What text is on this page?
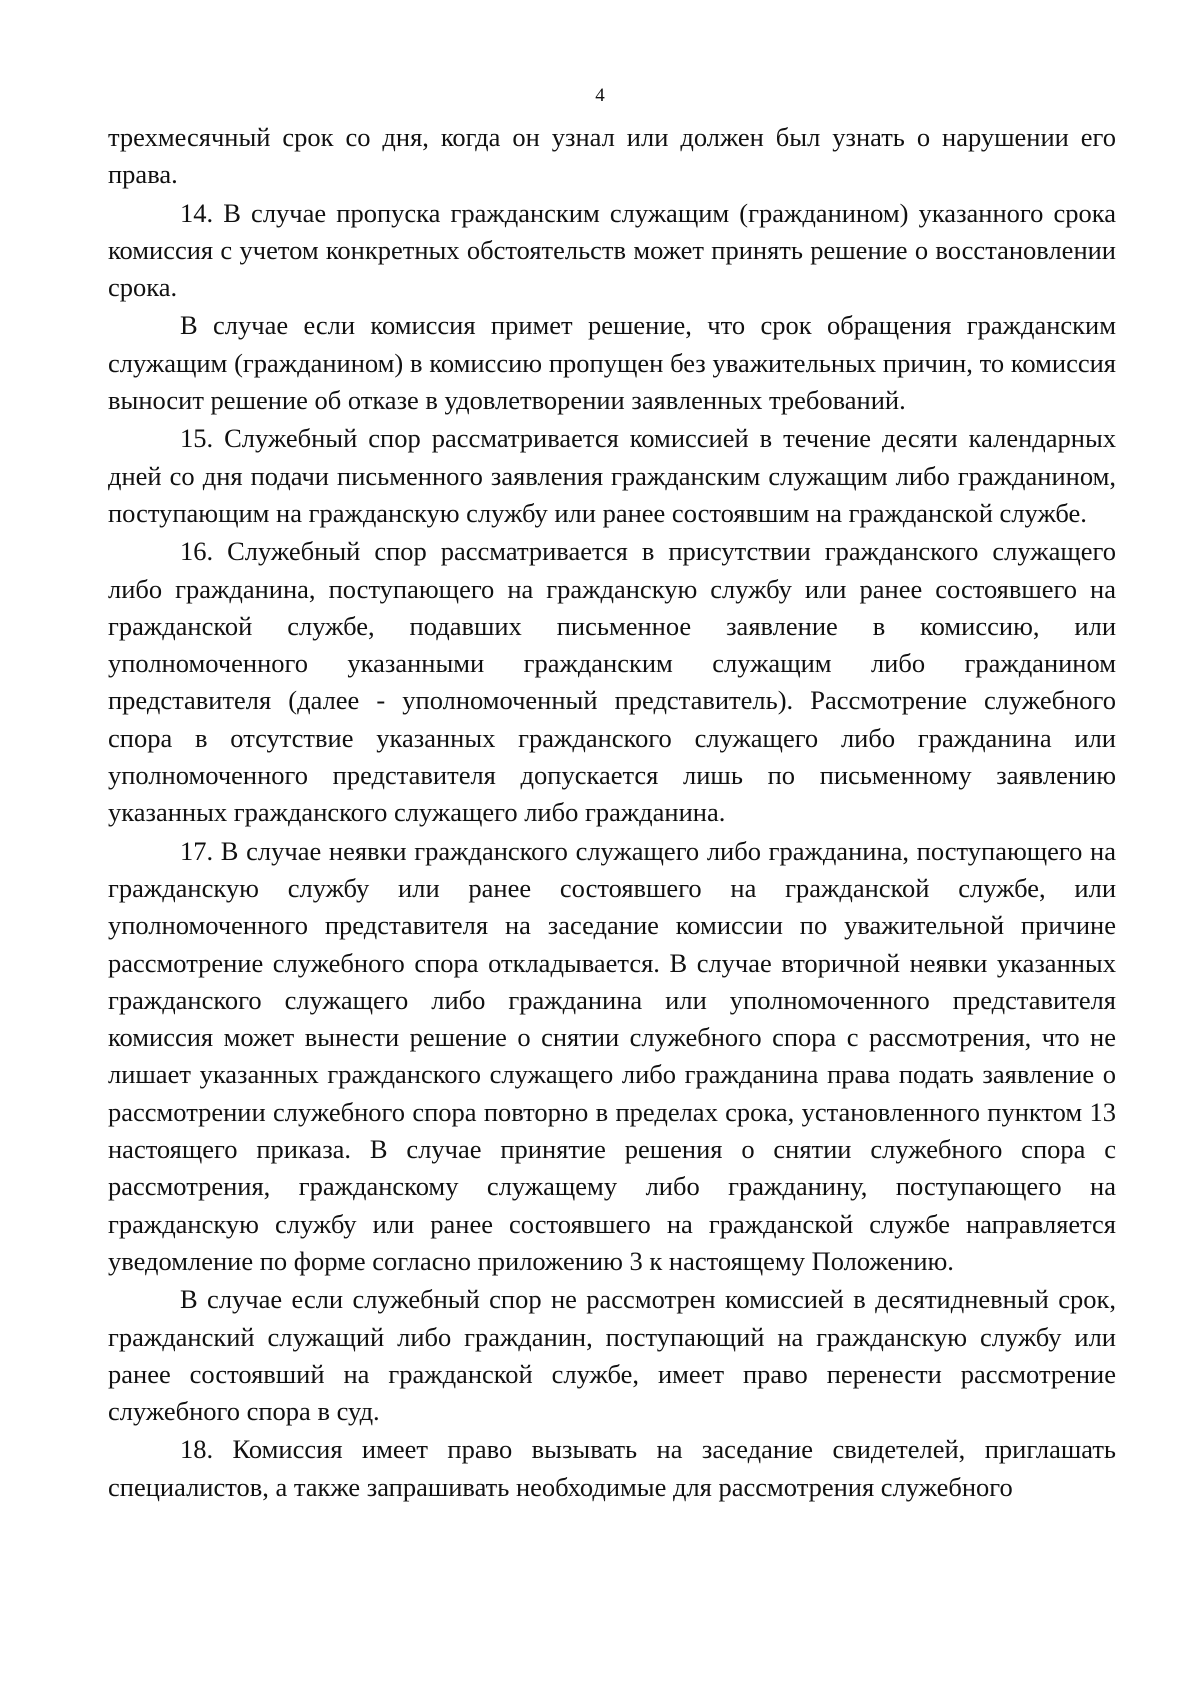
4

трехмесячный срок со дня, когда он узнал или должен был узнать о нарушении его права.

14. В случае пропуска гражданским служащим (гражданином) указанного срока комиссия с учетом конкретных обстоятельств может принять решение о восстановлении срока.

В случае если комиссия примет решение, что срок обращения гражданским служащим (гражданином) в комиссию пропущен без уважительных причин, то комиссия выносит решение об отказе в удовлетворении заявленных требований.

15. Служебный спор рассматривается комиссией в течение десяти календарных дней со дня подачи письменного заявления гражданским служащим либо гражданином, поступающим на гражданскую службу или ранее состоявшим на гражданской службе.

16. Служебный спор рассматривается в присутствии гражданского служащего либо гражданина, поступающего на гражданскую службу или ранее состоявшего на гражданской службе, подавших письменное заявление в комиссию, или уполномоченного указанными гражданским служащим либо гражданином представителя (далее - уполномоченный представитель). Рассмотрение служебного спора в отсутствие указанных гражданского служащего либо гражданина или уполномоченного представителя допускается лишь по письменному заявлению указанных гражданского служащего либо гражданина.

17. В случае неявки гражданского служащего либо гражданина, поступающего на гражданскую службу или ранее состоявшего на гражданской службе, или уполномоченного представителя на заседание комиссии по уважительной причине рассмотрение служебного спора откладывается. В случае вторичной неявки указанных гражданского служащего либо гражданина или уполномоченного представителя комиссия может вынести решение о снятии служебного спора с рассмотрения, что не лишает указанных гражданского служащего либо гражданина права подать заявление о рассмотрении служебного спора повторно в пределах срока, установленного пунктом 13 настоящего приказа. В случае принятие решения о снятии служебного спора с рассмотрения, гражданскому служащему либо гражданину, поступающего на гражданскую службу или ранее состоявшего на гражданской службе направляется уведомление по форме согласно приложению 3 к настоящему Положению.

В случае если служебный спор не рассмотрен комиссией в десятидневный срок, гражданский служащий либо гражданин, поступающий на гражданскую службу или ранее состоявший на гражданской службе, имеет право перенести рассмотрение служебного спора в суд.

18. Комиссия имеет право вызывать на заседание свидетелей, приглашать специалистов, а также запрашивать необходимые для рассмотрения служебного
